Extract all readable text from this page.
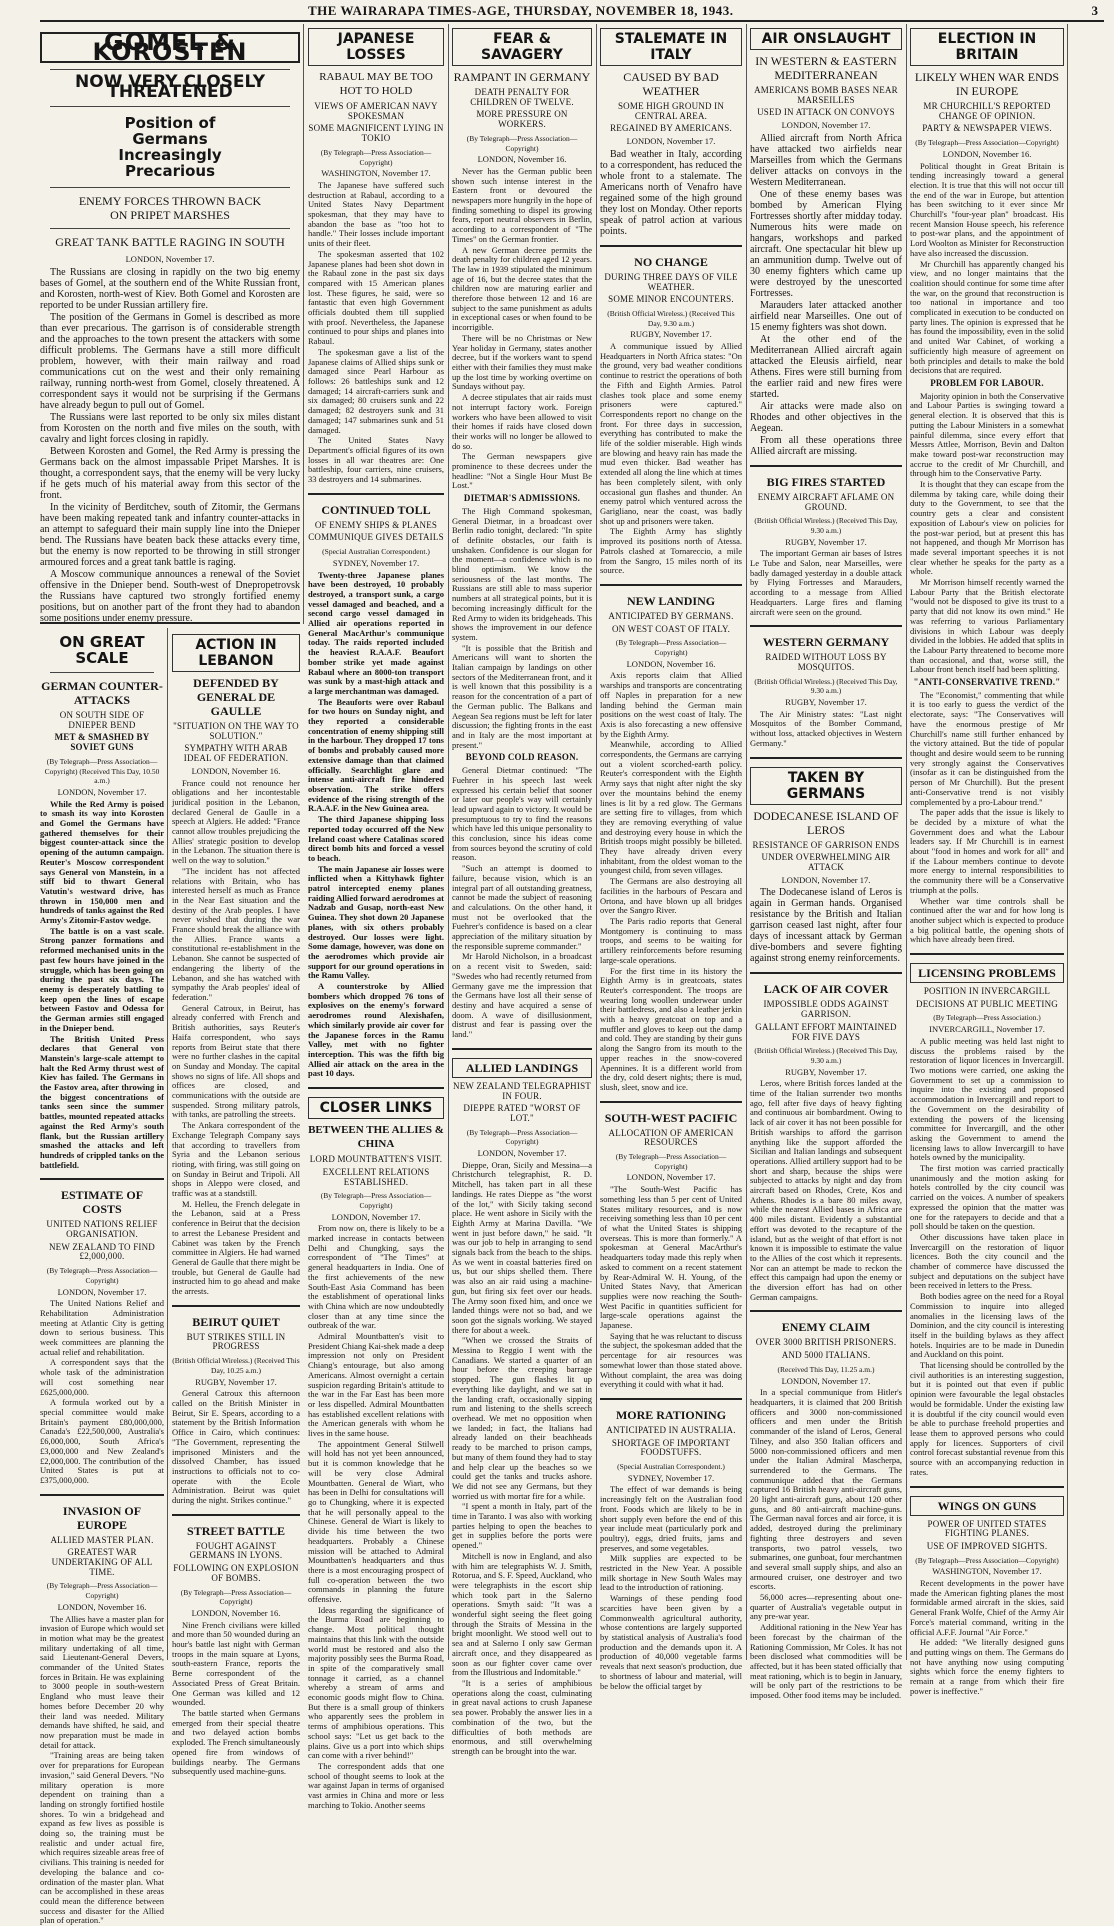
THE WAIRARAPA TIMES-AGE, THURSDAY, NOVEMBER 18, 1943.	3
GOMEL & KOROSTEN
NOW VERY CLOSELY THREATENED
Position of Germans Increasingly Precarious
ENEMY FORCES THROWN BACK ON PRIPET MARSHES
GREAT TANK BATTLE RAGING IN SOUTH
LONDON, November 17.

The Russians are closing in rapidly on the two big enemy bases of Gomel, at the southern end of the White Russian front, and Korosten, north-west of Kiev. Both Gomel and Korosten are reported to be under Russian artillery fire.

The position of the Germans in Gomel is described as more than ever precarious. The garrison is of considerable strength and the approaches to the town present the attackers with some difficult problems. The Germans have a still more difficult problem, however, with their main railway and road communications cut on the west and their only remaining railway, running north-west from Gomel, closely threatened. A correspondent says it would not be surprising if the Germans have already begun to pull out of Gomel.

The Russians were last reported to be only six miles distant from Korosten on the north and five miles on the south, with cavalry and light forces closing in rapidly.

Between Korosten and Gomel, the Red Army is pressing the Germans back on the almost impassable Pripet Marshes. It is thought, a correspondent says, that the enemy will be very lucky if he gets much of his material away from this sector of the front.

In the vicinity of Berditchev, south of Zitomir, the Germans have been making repeated tank and infantry counter-attacks in an attempt to safeguard their main supply line into the Dnieper bend. The Russians have beaten back these attacks every time, but the enemy is now reported to be throwing in still stronger armoured forces and a great tank battle is raging.

A Moscow communique announces a renewal of the Soviet offensive in the Dnieper bend. South-west of Dnepropetrovsk the Russians have captured two strongly fortified enemy positions, but on another part of the front they had to abandon some positions under enemy pressure.

ON GREAT SCALE
GERMAN COUNTER-ATTACKS
ON SOUTH SIDE OF DNIEPER BEND
MET & SMASHED BY SOVIET GUNS
(By Telegraph—Press Association—Copyright) (Received This Day, 10.50 a.m.)
LONDON, November 17.

While the Red Army is poised to smash its way into Korosten and Gomel the Germans have gathered themselves for their biggest counter-attack since the opening of the autumn campaign. Reuter's Moscow correspondent says General von Manstein, in a stiff bid to thwart General Vatutin's westward drive, has thrown in 150,000 men and hundreds of tanks against the Red Army's Zitomir-Fastov wedge.

The battle is on a vast scale. Strong panzer formations and reformed mechanised units in the past few hours have joined in the struggle, which has been going on during the past six days. The enemy is desperately battling to keep open the lines of escape between Fastov and Odessa for the German armies still engaged in the Dnieper bend.

The British United Press declares that General von Manstein's large-scale attempt to halt the Red Army thrust west of Kiev has failed. The Germans in the Fastov area, after throwing in the biggest concentrations of tanks seen since the summer battles, mounted repeated attacks against the Red Army's south flank, but the Russian artillery smashed the attacks and left hundreds of crippled tanks on the battlefield.

ESTIMATE OF COSTS
UNITED NATIONS RELIEF ORGANISATION.
NEW ZEALAND TO FIND £2,000,000.
(By Telegraph—Press Association—Copyright)
LONDON, November 17.

The United Nations Relief and Rehabilitation Administration meeting at Atlantic City is getting down to serious business. This week committees are planning the actual relief and rehabilitation.

A correspondent says that the whole task of the administration will cost something near £625,000,000.

A formula worked out by a special committee would make Britain's payment £80,000,000, Canada's £22,500,000, Australia's £6,000,000, South Africa's £3,000,000 and New Zealand's £2,000,000. The contribution of the United States is put at £375,000,000.

INVASION OF EUROPE
ALLIED MASTER PLAN.
GREATEST WAR UNDERTAKING OF ALL TIME.
(By Telegraph—Press Association—Copyright)
LONDON, November 16.

The Allies have a master plan for invasion of Europe which would set in motion what may be the greatest military undertaking of all time, said Lieutenant-General Devers, commander of the United States forces in Britain. He was explaining to 3000 people in south-western England who must leave their homes before December 20 why their land was needed. Military demands have shifted, he said, and now preparation must be made in detail for attack.

"Training areas are being taken over for preparations for European invasion," said General Devers. "No military operation is more dependent on training than a landing on strongly fortified hostile shores. To win a bridgehead and expand as few lives as possible is doing so, the training must be realistic and under actual fire, which requires sizeable areas free of civilians. This training is needed for developing the balance and co-ordination of the master plan. What can be accomplished in these areas could mean the difference between success and disaster for the Allied plan of operation."

ACTION IN LEBANON
DEFENDED BY GENERAL DE GAULLE
"SITUATION ON THE WAY TO SOLUTION."
SYMPATHY WITH ARAB IDEAL OF FEDERATION.
LONDON, November 16.

France could not renounce her obligations and her incontestable juridical position in the Lebanon, declared General de Gaulle in a speech at Algiers. He added: "France cannot allow troubles prejudicing the Allies' strategic position to develop in the Lebanon. The situation there is well on the way to solution."

"The incident has not affected relations with Britain, who has interested herself as much as France in the Near East situation and the destiny of the Arab peoples. I have never wished that during the war France should break the alliance with the Allies. France wants a constitutional re-establishment in the Lebanon. She cannot be suspected of endangering the liberty of the Lebanon, and she has watched with sympathy the Arab peoples' ideal of federation."

General Catroux, in Beirut, has already conferred with French and British authorities, says Reuter's Haifa correspondent, who says reports from Beirut state that there were no further clashes in the capital on Sunday and Monday. The capital shows no signs of life. All shops and offices are closed, and communications with the outside are suspended. Strong military patrols, with tanks, are patrolling the streets.

The Ankara correspondent of the Exchange Telegraph Company says that according to travellers from Syria and the Lebanon serious rioting, with firing, was still going on on Sunday in Beirut and Tripoli. All shops in Aleppo were closed, and traffic was at a standstill.

M. Helleu, the French delegate in the Lebanon, said at a Press conference in Beirut that the decision to arrest the Lebanese President and Cabinet was taken by the French committee in Algiers. He had warned General de Gaulle that there might be trouble, but General de Gaulle had instructed him to go ahead and make the arrests.

BEIRUT QUIET
BUT STRIKES STILL IN PROGRESS
(British Official Wireless.) (Received This Day, 10.25 a.m.)
RUGBY, November 17.

General Catroux this afternoon called on the British Minister in Beirut, Sir E. Spears, according to a statement by the British Information Office in Cairo, which continues: "The Government, representing the imprisoned Ministers and the dissolved Chamber, has issued instructions to officials not to co-operate with the Ecole Administration. Beirut was quiet during the night. Strikes continue."

STREET BATTLE
FOUGHT AGAINST GERMANS IN LYONS.
FOLLOWING ON EXPLOSION OF BOMBS.
(By Telegraph—Press Association—Copyright)
LONDON, November 16.

Nine French civilians were killed and more than 50 wounded during an hour's battle last night with German troops in the main square at Lyons, south-eastern France, reports the Berne correspondent of the Associated Press of Great Britain. One German was killed and 12 wounded.

The battle started when Germans emerged from their special theatre and two delayed action bombs exploded. The French simultaneously opened fire from windows of buildings nearby. The Germans subsequently used machine-guns.

FEAR & SAVAGERY
RAMPANT IN GERMANY
DEATH PENALTY FOR CHILDREN OF TWELVE.
MORE PRESSURE ON WORKERS.
(By Telegraph—Press Association—Copyright)
LONDON, November 16.

Never has the German public been shown such intense interest in the Eastern front or devoured the newspapers more hungrily in the hope of finding something to dispel its growing fears, report neutral observers in Berlin, according to a correspondent of "The Times" on the German frontier.

A new German decree permits the death penalty for children aged 12 years. The law in 1939 stipulated the minimum age of 16, but the decree states that the children now are maturing earlier and therefore those between 12 and 16 are subject to the same punishment as adults in exceptional cases or when found to be incorrigible.

There will be no Christmas or New Year holiday in Germany, states another decree, but if the workers want to spend either with their families they must make up the lost time by working overtime on Sundays without pay.

A decree stipulates that air raids must not interrupt factory work. Foreign workers who have been allowed to visit their homes if raids have closed down their works will no longer be allowed to do so.

The German newspapers give prominence to these decrees under the headline: "Not a Single Hour Must Be Lost."

DIETMAR'S ADMISSIONS.

The High Command spokesman, General Dietmar, in a broadcast over Berlin radio tonight, declared: "In spite of definite obstacles, our faith is unshaken. Confidence is our slogan for the moment—a confidence which is no blind optimism. We know the seriousness of the last months. The Russians are still able to mass superior numbers at all strategical points, but it is becoming increasingly difficult for the Red Army to widen its bridgeheads. This shows the improvement in our defence system.

"It is possible that the British and Americans will want to shorten the Italian campaign by landings on other sectors of the Mediterranean front, and it is well known that this possibility is a reason for the concentration of a part of the German public. The Balkans and Aegean Sea regions must be left for later discussion; the fighting fronts in the east and in Italy are the most important at present."

BEYOND COLD REASON.

General Dietmar continued: "The Fuehrer in his speech last week expressed his certain belief that sooner or later our people's way will certainly lead upward again to victory. It would be presumptuous to try to find the reasons which have led this unique personality to this conclusion, since his ideas come from sources beyond the scrutiny of cold reason.

"Such an attempt is doomed to failure, because vision, which is an integral part of all outstanding greatness, cannot be made the subject of reasoning and calculations. On the other hand, it must not be overlooked that the Fuehrer's confidence is based on a clear appreciation of the military situation by the responsible supreme commander."

Mr Harold Nicholson, in a broadcast on a recent visit to Sweden, said: "Swedes who had recently returned from Germany gave me the impression that the Germans have lost all their sense of destiny and have acquired a sense of doom. A wave of disillusionment, distrust and fear is passing over the land."

ALLIED LANDINGS
NEW ZEALAND TELEGRAPHIST IN FOUR.
DIEPPE RATED "WORST OF LOT."
(By Telegraph—Press Association—Copyright)
LONDON, November 17.

Dieppe, Oran, Sicily and Messina—a Christchurch telegraphist, R. D. Mitchell, has taken part in all these landings. He rates Dieppe as "the worst of the lot," with Sicily taking second place. He went ashore in Sicily with the Eighth Army at Marina Davilla. "We went in just before dawn," he said. "It was our job to help in arranging to send signals back from the beach to the ships. As we went in coastal batteries fired on us, but our ships shelled them. There was also an air raid using a machine-gun, but firing six feet over our heads. The Army soon fixed him, and once we landed things were not so bad, and we soon got the signals working. We stayed there for about a week.

"When we crossed the Straits of Messina to Reggio I went with the Canadians. We started a quarter of an hour before the creeping barrage stopped. The gun flashes lit up everything like daylight, and we sat in the landing craft, occasionally sipping rum and listening to the shells screech overhead. We met no opposition when we landed; in fact, the Italians had already landed on their beachheads ready to be marched to prison camps, but many of them found they had to stay and help clear up the beaches so we could get the tanks and trucks ashore. We did not see any Germans, but they worried us with mortar fire for a while.

"I spent a month in Italy, part of the time in Taranto. I was also with working parties helping to open the beaches to get in supplies before the ports were opened."

Mitchell is now in England, and also with him are telegraphists W. J. Smith, Rotorua, and S. F. Speed, Auckland, who were telegraphists in the escort ship which took part in the Salerno operations. Smyth said: "It was a wonderful sight seeing the fleet going through the Straits of Messina in the bright moonlight. We stood well out to sea and at Salerno I only saw German aircraft once, and they disappeared as soon as our fighter cover came over from the Illustrious and Indomitable."

"It is a series of amphibious operations along the coast, culminating in great naval actions to crush Japanese sea power. Probably the answer lies in a combination of the two, but the difficulties of both methods are enormous, and still overwhelming strength can be brought into the war.

STALEMATE IN ITALY
CAUSED BY BAD WEATHER
SOME HIGH GROUND IN CENTRAL AREA.
REGAINED BY AMERICANS.
LONDON, November 17.

Bad weather in Italy, according to a correspondent, has reduced the whole front to a stalemate. The Americans north of Venafro have regained some of the high ground they lost on Monday. Other reports speak of patrol action at various points.

NO CHANGE
DURING THREE DAYS OF VILE WEATHER.
SOME MINOR ENCOUNTERS.
(British Official Wireless.) (Received This Day, 9.30 a.m.)
RUGBY, November 17.

A communique issued by Allied Headquarters in North Africa states: "On the ground, very bad weather conditions continue to restrict the operations of both the Fifth and Eighth Armies. Patrol clashes took place and some enemy prisoners were captured." Correspondents report no change on the front. For three days in succession, everything has contributed to make the life of the soldier miserable. High winds are blowing and heavy rain has made the mud even thicker. Bad weather has extended all along the line which at times has been completely silent, with only occasional gun flashes and thunder. An enemy patrol which ventured across the Garigliano, near the coast, was badly shot up and prisoners were taken.

The Eighth Army has slightly improved its positions north of Atessa. Patrols clashed at Tornareccio, a mile from the Sangro, 15 miles north of its source.

NEW LANDING
ANTICIPATED BY GERMANS.
ON WEST COAST OF ITALY.
(By Telegraph—Press Association—Copyright)
LONDON, November 16.

Axis reports claim that Allied warships and transports are concentrating off Naples in preparation for a new landing behind the German main positions on the west coast of Italy. The Axis is also forecasting a new offensive by the Eighth Army.

Meanwhile, according to Allied correspondents, the Germans are carrying out a violent scorched-earth policy. Reuter's correspondent with the Eighth Army says that night after night the sky over the mountains behind the enemy lines is lit by a red glow. The Germans are setting fire to villages, from which they are removing everything of value and destroying every house in which the British troops might possibly be billeted. They have already driven every inhabitant, from the oldest woman to the youngest child, from seven villages.

The Germans are also destroying all facilities in the harbours of Pescara and Ortona, and have blown up all bridges over the Sangro River.

The Paris radio reports that General Montgomery is continuing to mass troops, and seems to be waiting for artillery reinforcements before resuming large-scale operations.

For the first time in its history the Eighth Army is in greatcoats, states Reuter's correspondent. The troops are wearing long woollen underwear under their battledress, and also a leather jerkin with a heavy greatcoat on top and a muffler and gloves to keep out the damp and cold. They are standing by their guns along the Sangro from its mouth to the upper reaches in the snow-covered Apennines. It is a different world from the dry, cold desert nights; there is mud, slush, sleet, snow and ice.

SOUTH-WEST PACIFIC
ALLOCATION OF AMERICAN RESOURCES
(By Telegraph—Press Association—Copyright)
LONDON, November 17.

"The South-West Pacific has something less than 5 per cent of United States military resources, and is now receiving something less than 10 per cent of what the United States is shipping overseas. This is more than formerly." A spokesman at General MacArthur's headquarters today made this reply when asked to comment on a recent statement by Rear-Admiral W. H. Young, of the United States Navy, that American supplies were now reaching the South-West Pacific in quantities sufficient for large-scale operations against the Japanese.

Saying that he was reluctant to discuss the subject, the spokesman added that the percentage for air resources was somewhat lower than those stated above. Without complaint, the area was doing everything it could with what it had.

MORE RATIONING
ANTICIPATED IN AUSTRALIA.
SHORTAGE OF IMPORTANT FOODSTUFFS.
(Special Australian Correspondent.)
SYDNEY, November 17.

The effect of war demands is being increasingly felt on the Australian food front. Foods which are likely to be in short supply even before the end of this year include meat (particularly pork and poultry), eggs, dried fruits, jams and preserves, and some vegetables.

Milk supplies are expected to be restricted in the New Year. A possible milk shortage in New South Wales may lead to the introduction of rationing.

Warnings of these pending food scarcities have been given by a Commonwealth agricultural authority, whose contentions are largely supported by statistical analysis of Australia's food production and the demands upon it. A production of 40,000 vegetable farms reveals that next season's production, due to shortness of labour and material, will be below the official target by

AIR ONSLAUGHT
IN WESTERN & EASTERN MEDITERRANEAN
AMERICANS BOMB BASES NEAR MARSEILLES
USED IN ATTACK ON CONVOYS
LONDON, November 17.

Allied aircraft from North Africa have attacked two airfields near Marseilles from which the Germans deliver attacks on convoys in the Western Mediterranean.

One of these enemy bases was bombed by American Flying Fortresses shortly after midday today. Numerous hits were made on hangars, workshops and parked aircraft. One spectacular hit blew up an ammunition dump. Twelve out of 30 enemy fighters which came up were destroyed by the unescorted Fortresses.

Marauders later attacked another airfield near Marseilles. One out of 15 enemy fighters was shot down.

At the other end of the Mediterranean Allied aircraft again attacked the Eleusis airfield, near Athens. Fires were still burning from the earlier raid and new fires were started.

Air attacks were made also on Rhodes and other objectives in the Aegean.

From all these operations three Allied aircraft are missing.

BIG FIRES STARTED
ENEMY AIRCRAFT AFLAME ON GROUND.
(British Official Wireless.) (Received This Day, 9.30 a.m.)
RUGBY, November 17.

The important German air bases of Istres Le Tube and Salon, near Marseilles, were badly damaged yesterday in a double attack by Flying Fortresses and Marauders, according to a message from Allied Headquarters. Large fires and flaming aircraft were seen on the ground.

WESTERN GERMANY
RAIDED WITHOUT LOSS BY MOSQUITOS.
(British Official Wireless.) (Received This Day, 9.30 a.m.)
RUGBY, November 17.

The Air Ministry states: "Last night Mosquitos of the Bomber Command, without loss, attacked objectives in Western Germany."

TAKEN BY GERMANS
DODECANESE ISLAND OF LEROS
RESISTANCE OF GARRISON ENDS
UNDER OVERWHELMING AIR ATTACK
LONDON, November 17.

The Dodecanese island of Leros is again in German hands. Organised resistance by the British and Italian garrison ceased last night, after four days of incessant attack by German dive-bombers and severe fighting against strong enemy reinforcements.

LACK OF AIR COVER
IMPOSSIBLE ODDS AGAINST GARRISON.
GALLANT EFFORT MAINTAINED FOR FIVE DAYS
(British Official Wireless.) (Received This Day, 9.30 a.m.)
RUGBY, November 17.

Leros, where British forces landed at the time of the Italian surrender two months ago, fell after five days of heavy fighting and continuous air bombardment. Owing to lack of air cover it has not been possible for British warships to afford the garrison anything like the support afforded the Sicilian and Italian landings and subsequent operations. Allied artillery support had to be short and sharp, because the ships were subjected to attacks by night and day from aircraft based on Rhodes, Crete, Kos and Athens. Rhodes is a bare 80 miles away, while the nearest Allied bases in Africa are 400 miles distant. Evidently a substantial effort was devoted to the recapture of the island, but as the weight of that effort is not known it is impossible to estimate the value to the Allies of the cost which it represents. Nor can an attempt be made to reckon the effect this campaign had upon the enemy or the diversion effort has had on other German campaigns.

ENEMY CLAIM
OVER 3000 BRITISH PRISONERS.
AND 5000 ITALIANS.
(Received This Day, 11.25 a.m.)
LONDON, November 17.

In a special communique from Hitler's headquarters, it is claimed that 200 British officers and 3000 non-commissioned officers and men under the British commander of the island of Leros, General Tilney, and also 350 Italian officers and 5000 non-commissioned officers and men under the Italian Admiral Mascherpa, surrendered to the Germans. The communique added that the Germans captured 16 British heavy anti-aircraft guns, 20 light anti-aircraft guns, about 120 other guns, and 80 anti-aircraft machine-guns. The German naval forces and air force, it is added, destroyed during the preliminary fighting three destroyers and seven transports, two patrol vessels, two submarines, one gunboat, four merchantmen and several small supply ships, and also an armoured cruiser, one destroyer and two escorts.

56,000 acres—representing about one-quarter of Australia's vegetable output in any pre-war year.

Additional rationing in the New Year has been forecast by the chairman of the Rationing Commission, Mr Coles. It has not been disclosed what commodities will be affected, but it has been stated officially that meat rationing, which is to begin in January, will be only part of the restrictions to be imposed. Other food items may be included.

ELECTION IN BRITAIN
LIKELY WHEN WAR ENDS IN EUROPE
MR CHURCHILL'S REPORTED CHANGE OF OPINION.
PARTY & NEWSPAPER VIEWS.
(By Telegraph—Press Association—Copyright)
LONDON, November 16.

Political thought in Great Britain is tending increasingly toward a general election. It is true that this will not occur till the end of the war in Europe, but attention has been switching to it ever since Mr Churchill's "four-year plan" broadcast. His recent Mansion House speech, his reference to post-war plans, and the appointment of Lord Woolton as Minister for Reconstruction have also increased the discussion.

Mr Churchill has apparently changed his view, and no longer maintains that the coalition should continue for some time after the war, on the ground that reconstruction is too national in importance and too complicated in execution to be conducted on party lines. The opinion is expressed that he has found the impossibility, even in the solid and united War Cabinet, of working a sufficiently high measure of agreement on both principles and details to make the bold decisions that are required.

PROBLEM FOR LABOUR.

Majority opinion in both the Conservative and Labour Parties is swinging toward a general election. It is observed that this is putting the Labour Ministers in a somewhat painful dilemma, since every effort that Messrs Attlee, Morrison, Bevin and Dalton make toward post-war reconstruction may accrue to the credit of Mr Churchill, and through him to the Conservative Party.

It is thought that they can escape from the dilemma by taking care, while doing their duty to the Government, to see that the country gets a clear and consistent exposition of Labour's view on policies for the post-war period, but at present this has not happened, and though Mr Morrison has made several important speeches it is not clear whether he speaks for the party as a whole.

Mr Morrison himself recently warned the Labour Party that the British electorate "would not be disposed to give its trust to a party that did not know its own mind." He was referring to various Parliamentary divisions in which Labour was deeply divided in the lobbies. He added that splits in the Labour Party threatened to become more than occasional, and that, worse still, the Labour front bench itself had been splitting.

"ANTI-CONSERVATIVE TREND."

The "Economist," commenting that while it is too early to guess the verdict of the electorate, says: "The Conservatives will have the enormous prestige of Mr Churchill's name still further enhanced by the victory attained. But the tide of popular thought and desire would seem to be running very strongly against the Conservatives (insofar as it can be distinguished from the person of Mr Churchill). But the present anti-Conservative trend is not visibly complemented by a pro-Labour trend."

The paper adds that the issue is likely to be decided by a mixture of what the Government does and what the Labour leaders say. If Mr Churchill is in earnest about "food in homes and work for all" and if the Labour members continue to devote more energy to internal responsibilities to the community there will be a Conservative triumph at the polls.

Whether war time controls shall be continued after the war and for how long is another subject which is expected to produce a big political battle, the opening shots of which have already been fired.

LICENSING PROBLEMS
POSITION IN INVERCARGILL
DECISIONS AT PUBLIC MEETING
(By Telegraph—Press Association.)
INVERCARGILL, November 17.

A public meeting was held last night to discuss the problems raised by the restoration of liquor licences in Invercargill. Two motions were carried, one asking the Government to set up a commission to inquire into the existing and proposed accommodation in Invercargill and report to the Government on the desirability of extending the powers of the licensing committee for Invercargill, and the other asking the Government to amend the licensing laws to allow Invercargill to have hotels owned by the municipality.

The first motion was carried practically unanimously and the motion asking for hotels controlled by the city council was carried on the voices. A number of speakers expressed the opinion that the matter was one for the ratepayers to decide and that a poll should be taken on the question.

Other discussions have taken place in Invercargill on the restoration of liquor licences. Both the city council and the chamber of commerce have discussed the subject and deputations on the subject have been received in letters to the Press.

Both bodies agree on the need for a Royal Commission to inquire into alleged anomalies in the licensing laws of the Dominion, and the city council is interesting itself in the building bylaws as they affect hotels. Inquiries are to be made in Dunedin and Auckland on this point.

That licensing should be controlled by the civil authorities is an interesting suggestion, but it is pointed out that even if public opinion were favourable the legal obstacles would be formidable. Under the existing law it is doubtful if the city council would even be able to purchase freehold properties and lease them to approved persons who could apply for licences. Supporters of civil control forecast substantial revenue from this source with an accompanying reduction in rates.

WINGS ON GUNS
POWER OF UNITED STATES FIGHTING PLANES.
USE OF IMPROVED SIGHTS.
(By Telegraph—Press Association—Copyright)
WASHINGTON, November 17.

Recent developments in the power have made the American fighting planes the most formidable armed aircraft in the skies, said General Frank Wolfe, Chief of the Army Air Force's material command, writing in the official A.F.F. Journal "Air Force."

He added: "We literally designed guns and putting wings on them. The Germans do not have anything now using computing sights which force the enemy fighters to remain at a range from which their fire power is ineffective."

JAPANESE LOSSES
RABAUL MAY BE TOO HOT TO HOLD
VIEWS OF AMERICAN NAVY SPOKESMAN
SOME MAGNIFICENT LYING IN TOKIO
(By Telegraph—Press Association—Copyright)
WASHINGTON, November 17.

The Japanese have suffered such destruction at Rabaul, according to a United States Navy Department spokesman, that they may have to abandon the base as "too hot to handle." Their losses include important units of their fleet.

The spokesman asserted that 102 Japanese planes had been shot down in the Rabaul zone in the past six days compared with 15 American planes lost. These figures, he said, were so fantastic that even high Government officials doubted them till supplied with proof. Nevertheless, the Japanese continued to pour ships and planes into Rabaul.

The spokesman gave a list of the Japanese claims of Allied ships sunk or damaged since Pearl Harbour as follows: 26 battleships sunk and 12 damaged; 14 aircraft-carriers sunk and six damaged; 80 cruisers sunk and 22 damaged; 82 destroyers sunk and 31 damaged; 147 submarines sunk and 51 damaged.

The United States Navy Department's official figures of its own losses in all war theatres are: One battleship, four carriers, nine cruisers, 33 destroyers and 14 submarines.

CONTINUED TOLL
OF ENEMY SHIPS & PLANES
COMMUNIQUE GIVES DETAILS
(Special Australian Correspondent.)
SYDNEY, November 17.

Twenty-three Japanese planes have been destroyed, 10 probably destroyed, a transport sunk, a cargo vessel damaged and beached, and a second cargo vessel damaged in Allied air operations reported in General MacArthur's communique today. The raids reported included the heaviest R.A.A.F. Beaufort bomber strike yet made against Rabaul where an 8000-ton transport was sunk by a mast-high attack and a large merchantman was damaged.

The Beauforts were over Rabaul for two hours on Sunday night, and they reported a considerable concentration of enemy shipping still in the harbour. They dropped 17 tons of bombs and probably caused more extensive damage than that claimed officially. Searchlight glare and intense anti-aircraft fire hindered observation. The strike offers evidence of the rising strength of the R.A.A.F. in the New Guinea area.

The third Japanese shipping loss reported today occurred off the New Ireland coast where Catalinas scored direct bomb hits and forced a vessel to beach.

The main Japanese air losses were inflicted when a Kittyhawk fighter patrol intercepted enemy planes raiding Allied forward aerodromes at Nadzab and Gusap, north-east New Guinea. They shot down 20 Japanese planes, with six others probably destroyed. Our losses were light. Some damage, however, was done on the aerodromes which provide air support for our ground operations in the Ramu Valley.

A counterstroke by Allied bombers which dropped 76 tons of explosives on the enemy's forward aerodromes round Alexishafen, which similarly provide air cover for the Japanese forces in the Ramu Valley, met with no fighter interception. This was the fifth big Allied air attack on the area in the past 10 days.

CLOSER LINKS
BETWEEN THE ALLIES & CHINA
LORD MOUNTBATTEN'S VISIT.
EXCELLENT RELATIONS ESTABLISHED.
(By Telegraph—Press Association—Copyright)
LONDON, November 17.

From now on, there is likely to be a marked increase in contacts between Delhi and Chungking, says the correspondent of "The Times" at general headquarters in India. One of the first achievements of the new South-East Asia Command has been the establishment of operational links with China which are now undoubtedly closer than at any time since the outbreak of the war.

Admiral Mountbatten's visit to President Chiang Kai-shek made a deep impression not only on President Chiang's entourage, but also among Americans. Almost overnight a certain suspicion regarding Britain's attitude to the war in the Far East has been more or less dispelled. Admiral Mountbatten has established excellent relations with the American generals with whom he lives in the same house.

The appointment General Stilwell will hold has not yet been announced, but it is common knowledge that he will be very close Admiral Mountbatten. General de Wiart, who has been in Delhi for consultations will go to Chungking, where it is expected that he will personally appeal to the Chinese. General de Wiart is likely to divide his time between the two headquarters. Probably a Chinese mission will be attached to Admiral Mountbatten's headquarters and thus there is a most encouraging prospect of full co-operation between the two commands in planning the future offensive.

Ideas regarding the significance of the Burma Road are beginning to change. Most political thought maintains that this link with the outside world must be restored and also the majority possibly sees the Burma Road, in spite of the comparatively small tonnage it carried, as a channel whereby a stream of arms and economic goods might flow to China. But there is a small group of thinkers who apparently sees the problem in terms of amphibious operations. This school says: "Let us get back to the plains. Give us a port into which ships can come with a river behind!"

The correspondent adds that one school of thought seems to look at the war against Japan in terms of organised vast armies in China and more or less marching to Tokio. Another seems
